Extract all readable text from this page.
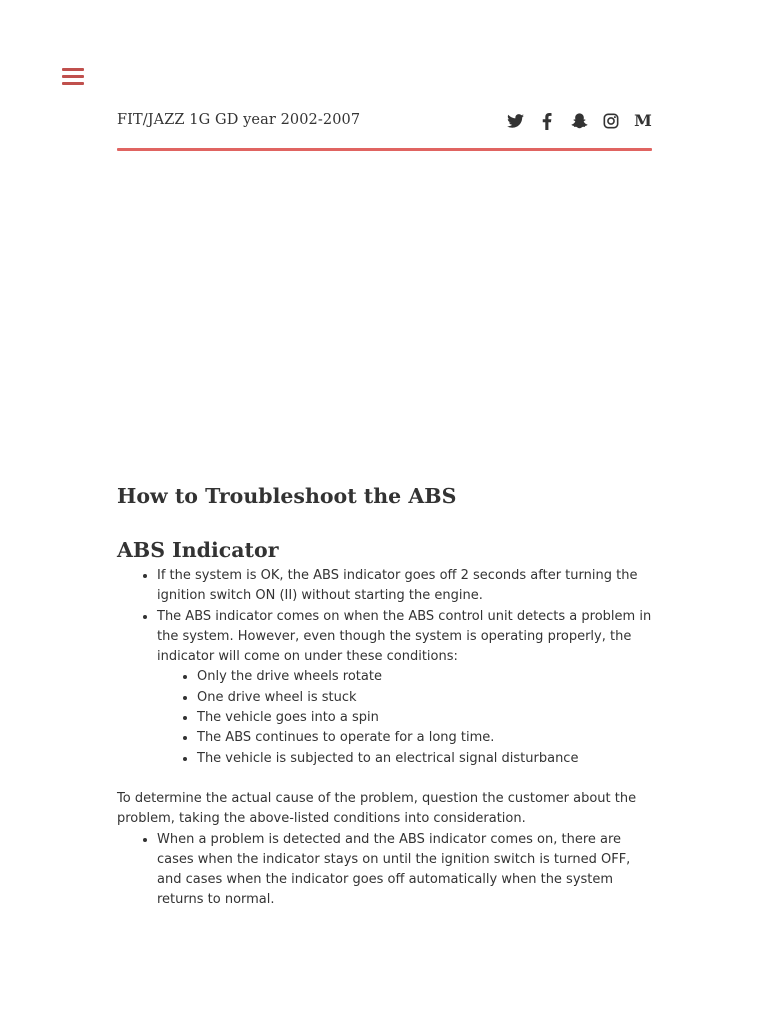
FIT/JAZZ 1G GD year 2002-2007	M
How to Troubleshoot the ABS
ABS Indicator
• If the system is OK, the ABS indicator goes off 2 seconds after turning the ignition switch ON (II) without starting the engine.
• The ABS indicator comes on when the ABS control unit detects a problem in the system. However, even though the system is operating properly, the indicator will come on under these conditions:
• Only the drive wheels rotate
• One drive wheel is stuck
• The vehicle goes into a spin
• The ABS continues to operate for a long time.
• The vehicle is subjected to an electrical signal disturbance

To determine the actual cause of the problem, question the customer about the problem, taking the above-listed conditions into consideration.

• When a problem is detected and the ABS indicator comes on, there are cases when the indicator stays on until the ignition switch is turned OFF, and cases when the indicator goes off automatically when the system returns to normal.
